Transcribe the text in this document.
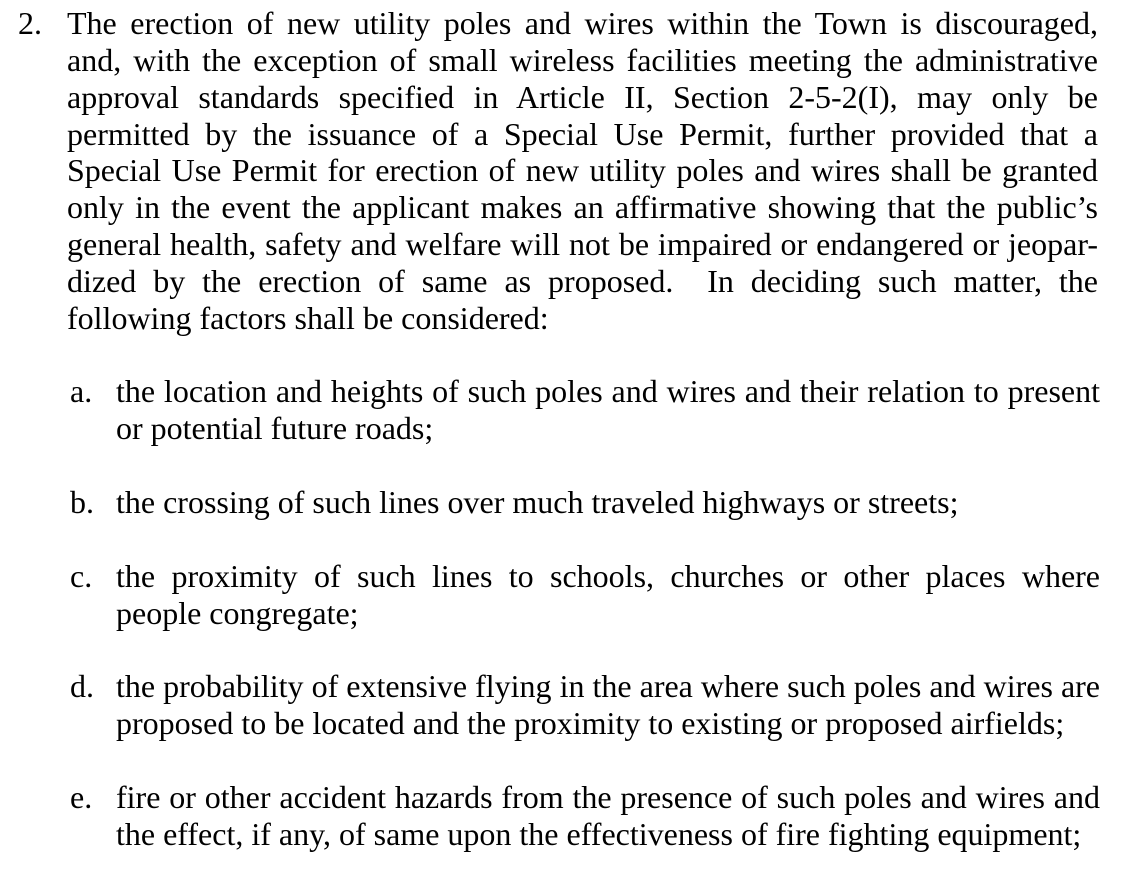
2. The erection of new utility poles and wires within the Town is discouraged,
and, with the exception of small wireless facilities meeting the administrative
approval standards specified in Article II, Section 2-5-2(I), may only be
permitted by the issuance of a Special Use Permit, further provided that a
Special Use Permit for erection of new utility poles and wires shall be granted
only in the event the applicant makes an affirmative showing that the public’s
general health, safety and welfare will not be impaired or endangered or jeopar-
dized by the erection of same as proposed.  In deciding such matter, the
following factors shall be considered:
a. the location and heights of such poles and wires and their relation to present
or potential future roads;
b. the crossing of such lines over much traveled highways or streets;
c. the proximity of such lines to schools, churches or other places where
people congregate;
d. the probability of extensive flying in the area where such poles and wires are
proposed to be located and the proximity to existing or proposed airfields;
e. fire or other accident hazards from the presence of such poles and wires and
the effect, if any, of same upon the effectiveness of fire fighting equipment;
